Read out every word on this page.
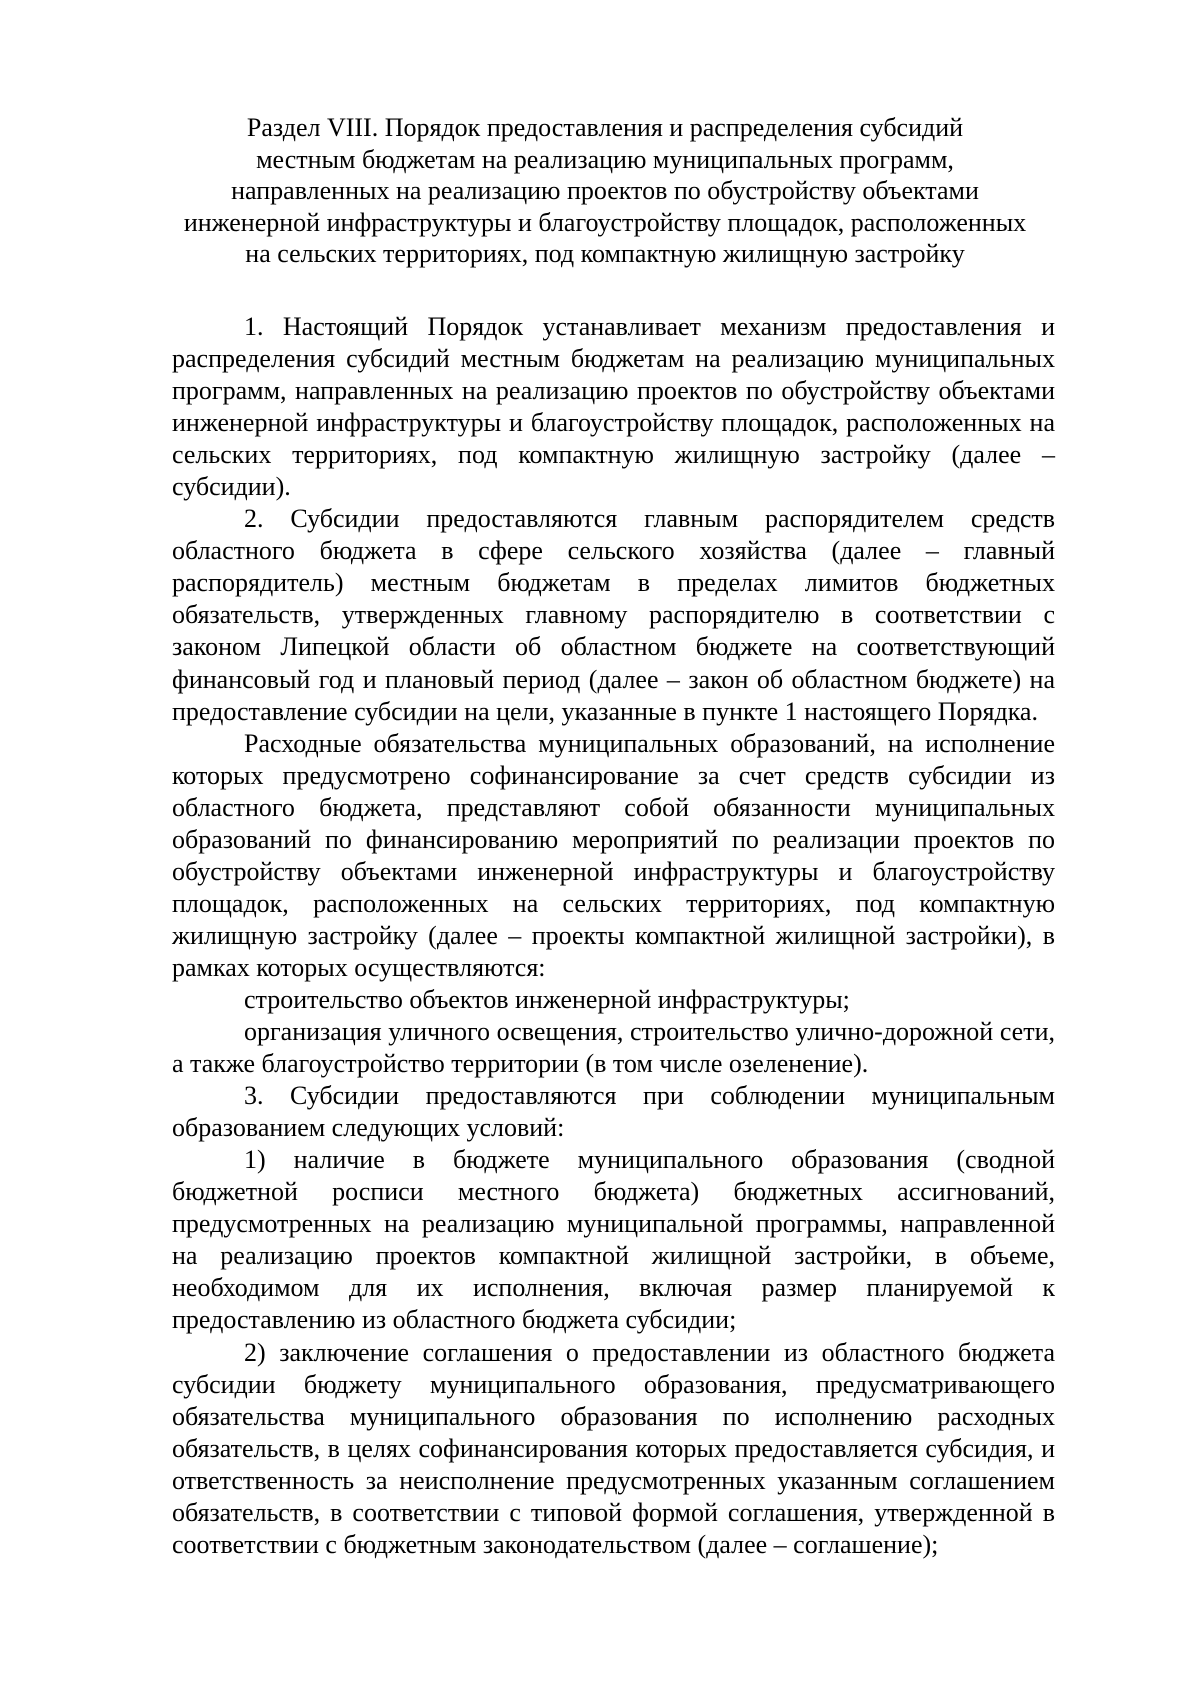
Раздел VIII. Порядок предоставления и распределения субсидий
местным бюджетам на реализацию муниципальных программ,
направленных на реализацию проектов по обустройству объектами
инженерной инфраструктуры и благоустройству площадок, расположенных
на сельских территориях, под компактную жилищную застройку

1. Настоящий Порядок устанавливает механизм предоставления и распределения субсидий местным бюджетам на реализацию муниципальных программ, направленных на реализацию проектов по обустройству объектами инженерной инфраструктуры и благоустройству площадок, расположенных на сельских территориях, под компактную жилищную застройку (далее – субсидии).

2. Субсидии предоставляются главным распорядителем средств областного бюджета в сфере сельского хозяйства (далее – главный распорядитель) местным бюджетам в пределах лимитов бюджетных обязательств, утвержденных главному распорядителю в соответствии с законом Липецкой области об областном бюджете на соответствующий финансовый год и плановый период (далее – закон об областном бюджете) на предоставление субсидии на цели, указанные в пункте 1 настоящего Порядка.

Расходные обязательства муниципальных образований, на исполнение которых предусмотрено софинансирование за счет средств субсидии из областного бюджета, представляют собой обязанности муниципальных образований по финансированию мероприятий по реализации проектов по обустройству объектами инженерной инфраструктуры и благоустройству площадок, расположенных на сельских территориях, под компактную жилищную застройку (далее – проекты компактной жилищной застройки), в рамках которых осуществляются:

строительство объектов инженерной инфраструктуры;

организация уличного освещения, строительство улично-дорожной сети, а также благоустройство территории (в том числе озеленение).

3. Субсидии предоставляются при соблюдении муниципальным образованием следующих условий:

1) наличие в бюджете муниципального образования (сводной бюджетной росписи местного бюджета) бюджетных ассигнований, предусмотренных на реализацию муниципальной программы, направленной на реализацию проектов компактной жилищной застройки, в объеме, необходимом для их исполнения, включая размер планируемой к предоставлению из областного бюджета субсидии;

2) заключение соглашения о предоставлении из областного бюджета субсидии бюджету муниципального образования, предусматривающего обязательства муниципального образования по исполнению расходных обязательств, в целях софинансирования которых предоставляется субсидия, и ответственность за неисполнение предусмотренных указанным соглашением обязательств, в соответствии с типовой формой соглашения, утвержденной в соответствии с бюджетным законодательством (далее – соглашение);
